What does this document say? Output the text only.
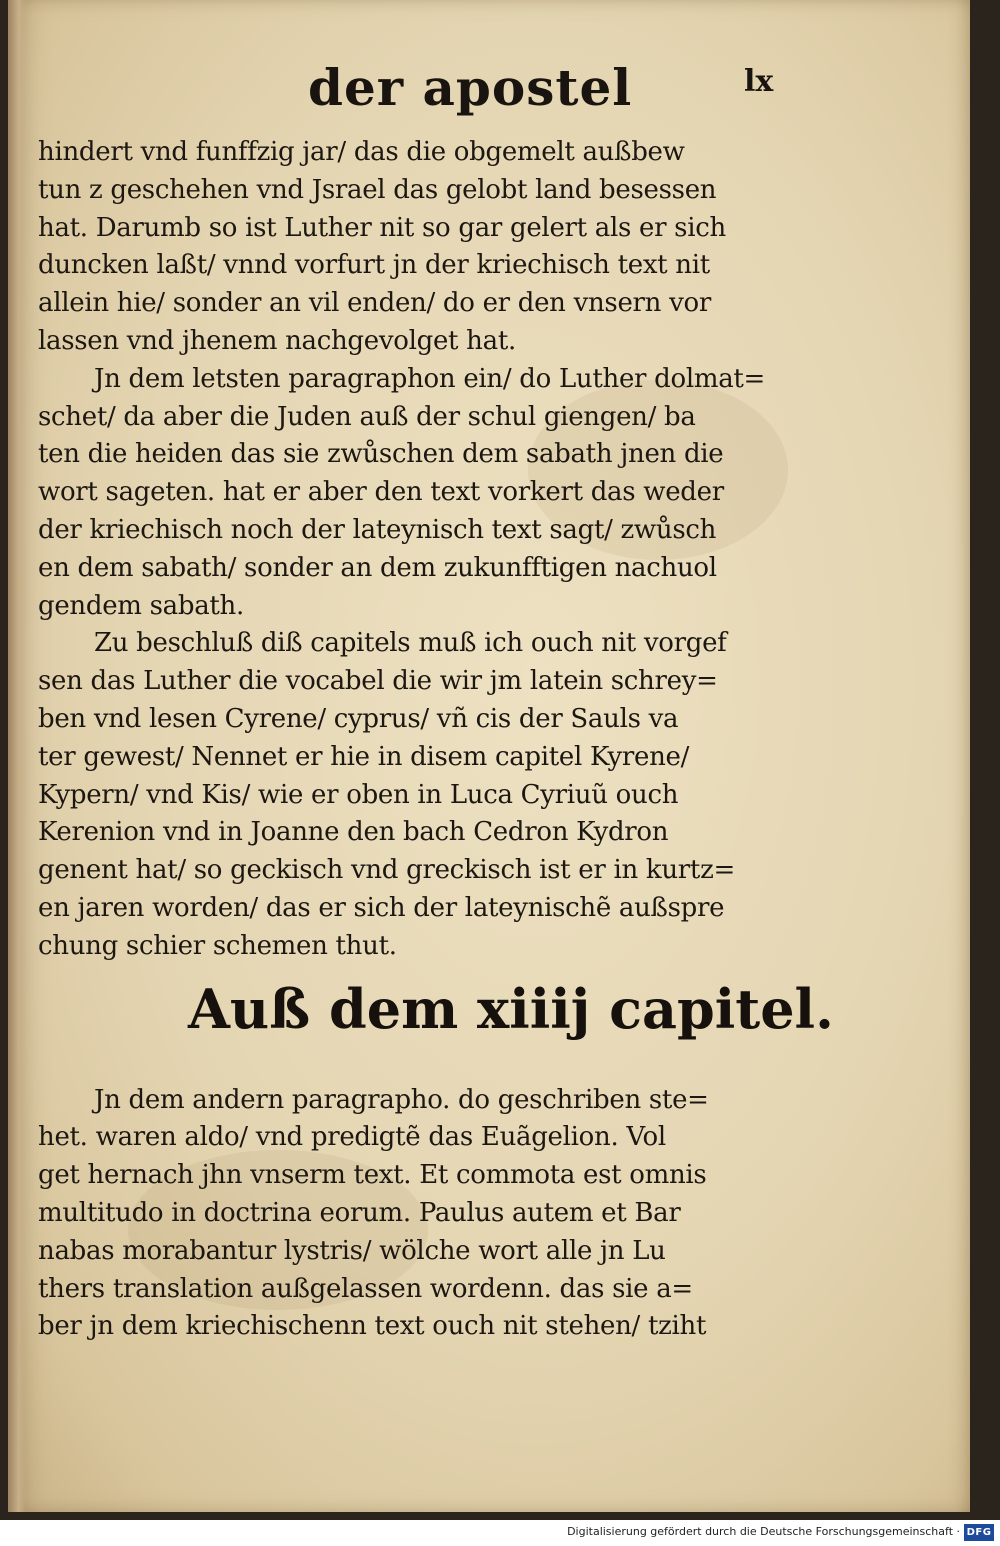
der apostel	lx
hindert vnd funffzig jar/ das die obgemelt außbew
tun z geschehen vnd Jsrael das gelobt land besessen
hat. Darumb so ist Luther nit so gar gelert als er sich
duncken laßt/ vnnd vorfurt jn der kriechisch text nit
allein hie/ sonder an vil enden/ do er den vnsern vor
lassen vnd jhenem nachgevolget hat.
Jn dem letsten paragraphon ein/ do Luther dolmat=
schet/ da aber die Juden auß der schul giengen/ ba
ten die heiden das sie zwůschen dem sabath jnen die
wort sageten. hat er aber den text vorkert das weder
der kriechisch noch der lateynisch text sagt/ zwůsch
en dem sabath/ sonder an dem zukunfftigen nachuol
gendem sabath.
Zu beschluß diß capitels muß ich ouch nit vorgef
sen das Luther die vocabel die wir jm latein schrey=
ben vnd lesen Cyrene/ cyprus/ vñ cis der Sauls va
ter gewest/ Nennet er hie in disem capitel Kyrene/
Kypern/ vnd Kis/ wie er oben in Luca Cyriuũ ouch
Kerenion vnd in Joanne den bach Cedron Kydron
genent hat/ so geckisch vnd greckisch ist er in kurtz=
en jaren worden/ das er sich der lateynischẽ außspre
chung schier schemen thut.
Auß dem xiiij capitel.
Jn dem andern paragrapho. do geschriben ste=
het. waren aldo/ vnd predigtẽ das Euãgelion. Vol
get hernach jhn vnserm text. Et commota est omnis
multitudo in doctrina eorum. Paulus autem et Bar
nabas morabantur lystris/ wölche wort alle jn Lu
thers translation außgelassen wordenn. das sie a=
ber jn dem kriechischenn text ouch nit stehen/ tziht
Digitalisierung gefördert durch die Deutsche Forschungsgemeinschaft · DFG
